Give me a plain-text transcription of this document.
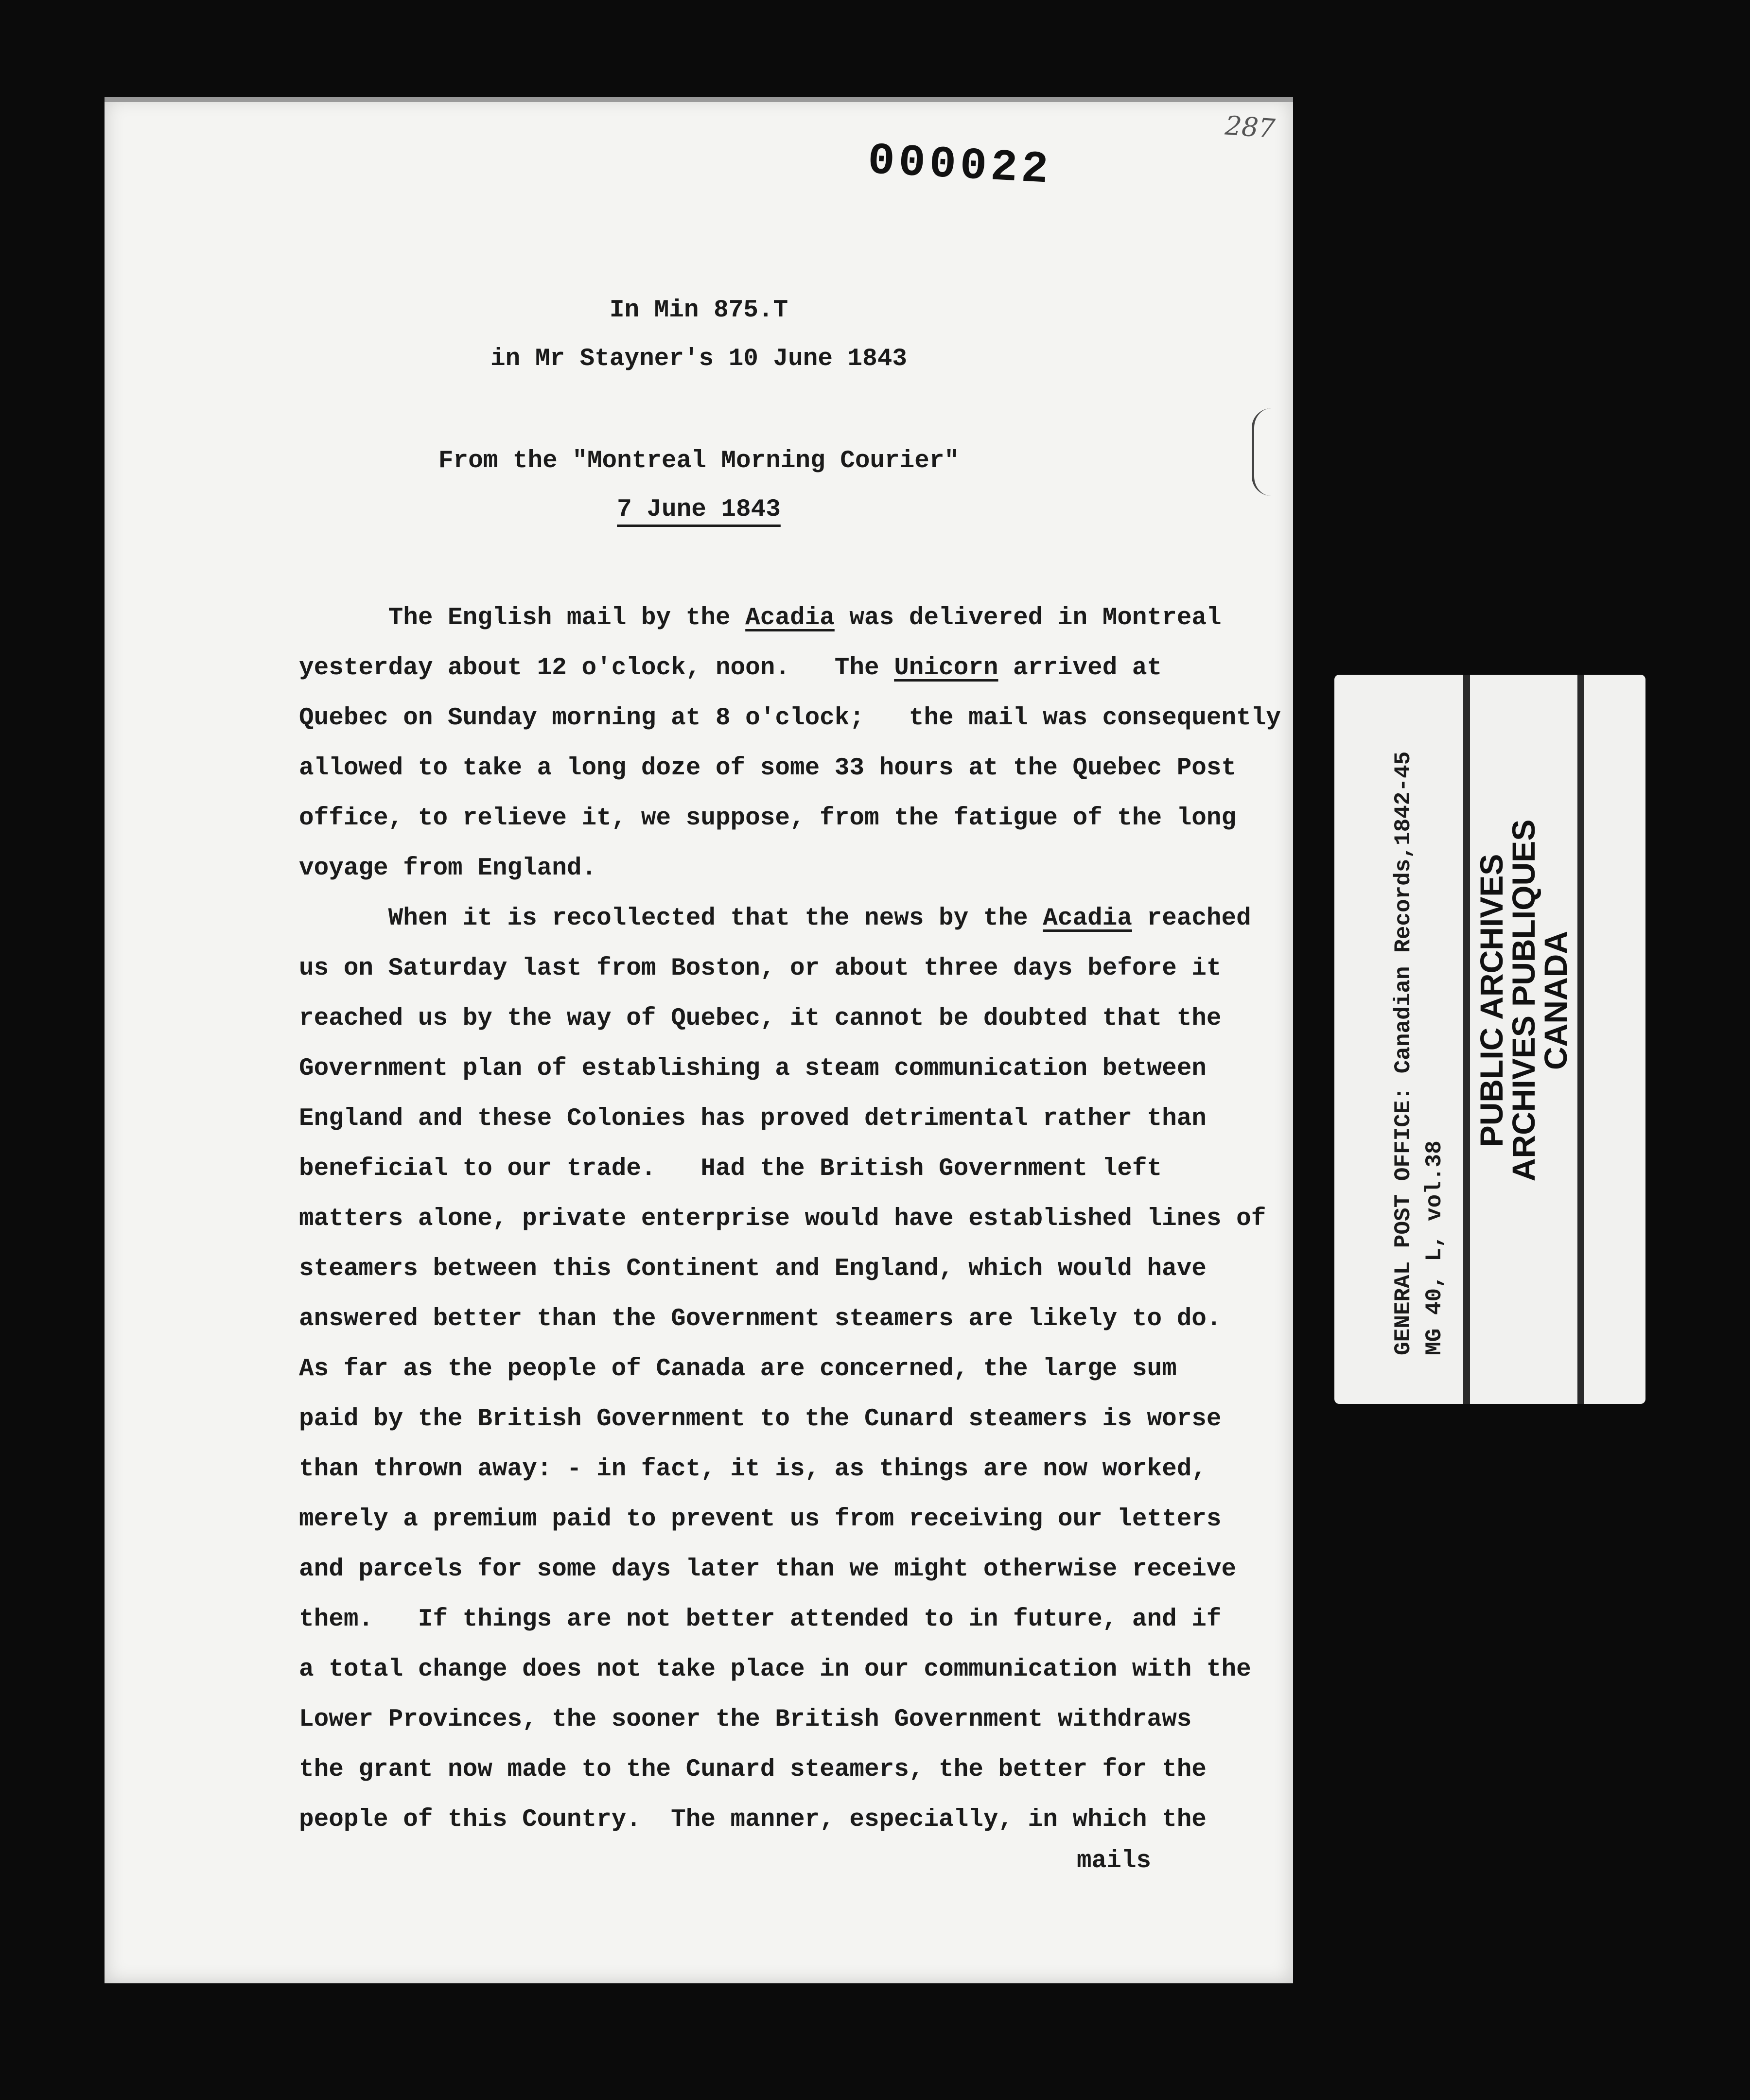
000022
287
In Min 875.T
in Mr Stayner's 10 June 1843
From the "Montreal Morning Courier"
7 June 1843

The English mail by the Acadia was delivered in Montreal
yesterday about 12 o'clock, noon.   The Unicorn arrived at
Quebec on Sunday morning at 8 o'clock;   the mail was consequently
allowed to take a long doze of some 33 hours at the Quebec Post
office, to relieve it, we suppose, from the fatigue of the long
voyage from England.

When it is recollected that the news by the Acadia reached
us on Saturday last from Boston, or about three days before it
reached us by the way of Quebec, it cannot be doubted that the
Government plan of establishing a steam communication between
England and these Colonies has proved detrimental rather than
beneficial to our trade.   Had the British Government left
matters alone, private enterprise would have established lines of
steamers between this Continent and England, which would have
answered better than the Government steamers are likely to do.
As far as the people of Canada are concerned, the large sum
paid by the British Government to the Cunard steamers is worse
than thrown away: - in fact, it is, as things are now worked,
merely a premium paid to prevent us from receiving our letters
and parcels for some days later than we might otherwise receive
them.   If things are not better attended to in future, and if
a total change does not take place in our communication with the
Lower Provinces, the sooner the British Government withdraws
the grant now made to the Cunard steamers, the better for the
people of this Country.  The manner, especially, in which the

mails
GENERAL POST OFFICE: Canadian Records,1842-45 MG 40, L, vol.38
PUBLIC ARCHIVES
ARCHIVES PUBLIQUES
CANADA
